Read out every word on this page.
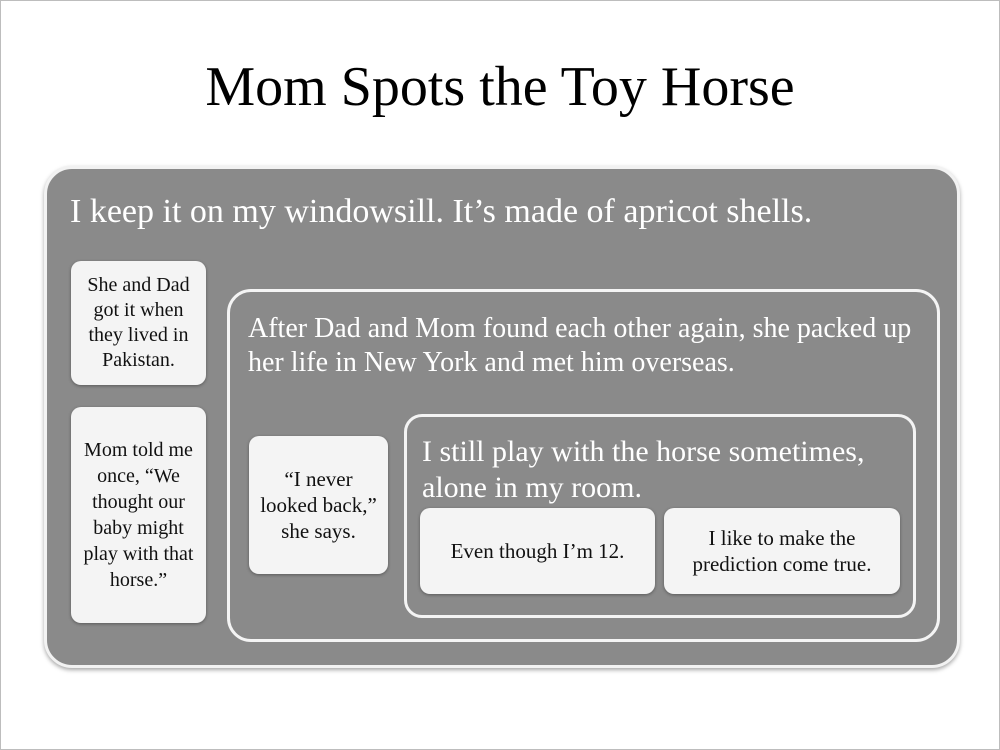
Mom Spots the Toy Horse
I keep it on my windowsill. It’s made of apricot shells.
She and Dad got it when they lived in Pakistan.
Mom told me once, “We thought our baby might play with that horse.”
After Dad and Mom found each other again, she packed up her life in New York and met him overseas.
“I never looked back,” she says.
I still play with the horse sometimes, alone in my room.
Even though I’m 12.
I like to make the prediction come true.
